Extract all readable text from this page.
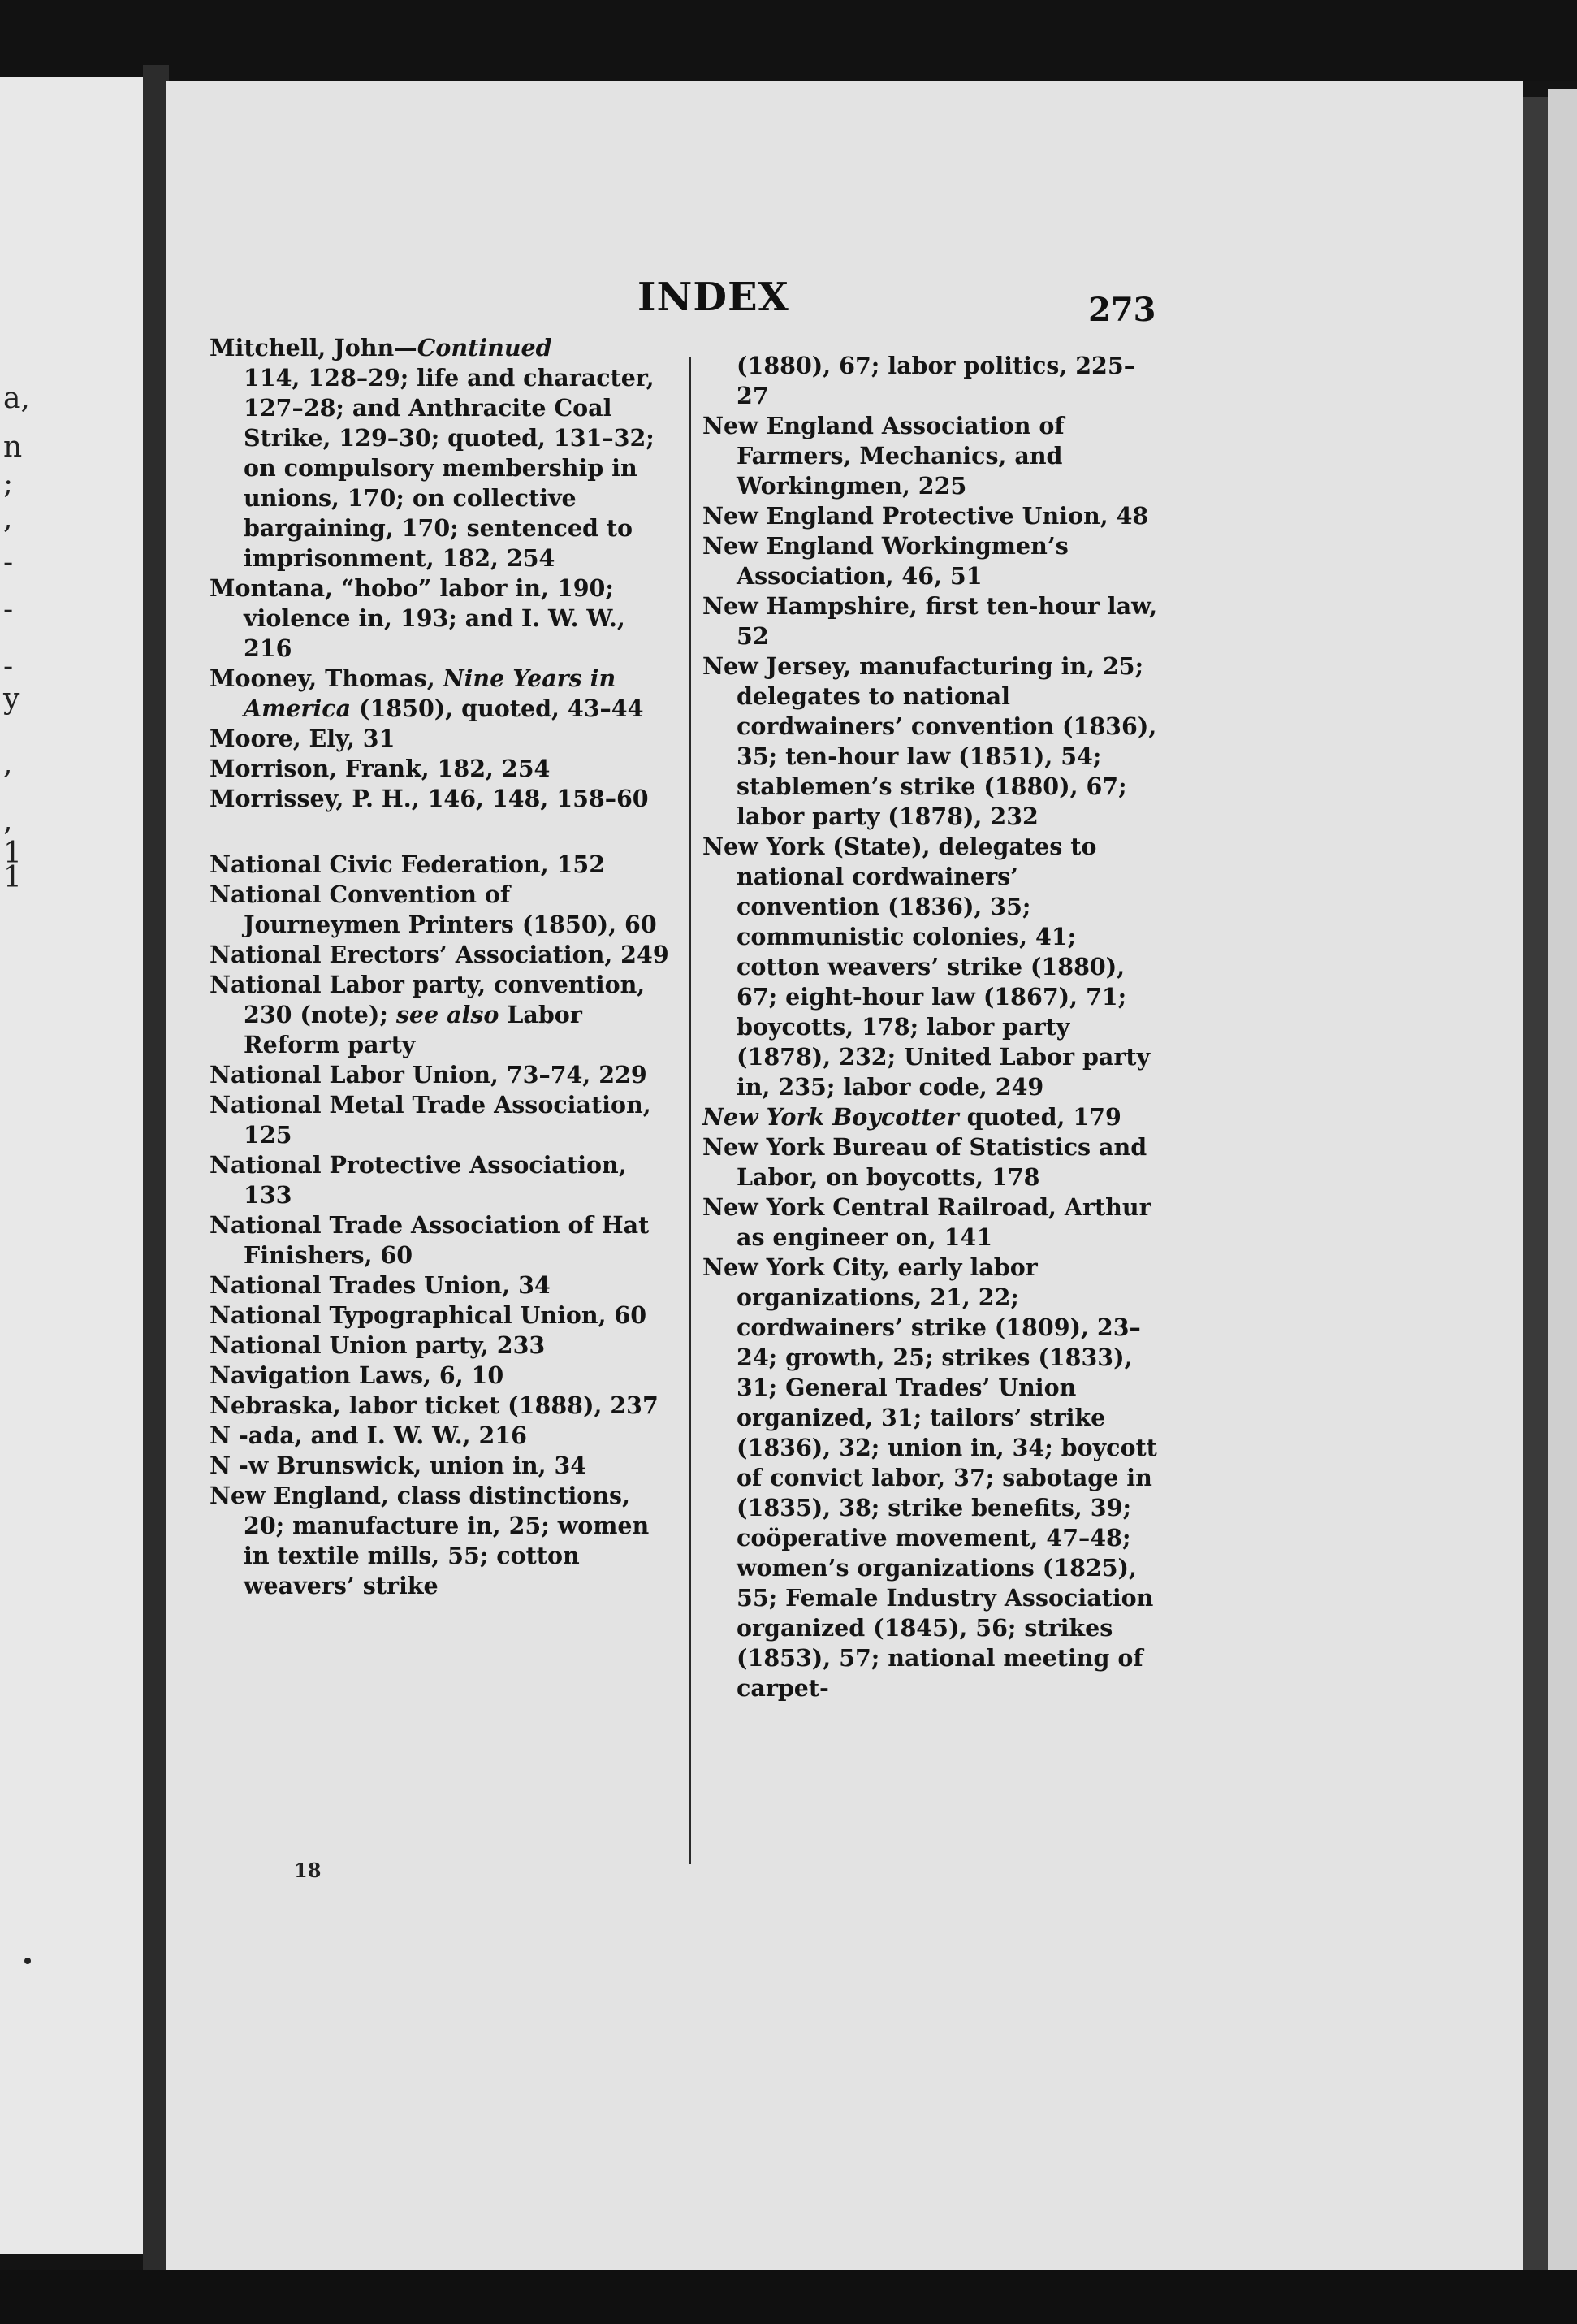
a,
n
;
,
-
-
-
y
,
,
1
1
INDEX	273

Mitchell, John—Continued

114, 128–29; life and character, 127–28; and Anthracite Coal Strike, 129–30; quoted, 131–32; on compulsory membership in unions, 170; on collective bargaining, 170; sentenced to imprisonment, 182, 254

Montana, “hobo” labor in, 190; violence in, 193; and I. W. W., 216

Mooney, Thomas, Nine Years in America (1850), quoted, 43–44

Moore, Ely, 31

Morrison, Frank, 182, 254

Morrissey, P. H., 146, 148, 158–60

National Civic Federation, 152

National Convention of Journeymen Printers (1850), 60

National Erectors’ Association, 249

National Labor party, convention, 230 (note); see also Labor Reform party

National Labor Union, 73–74, 229

National Metal Trade Association, 125

National Protective Association, 133

National Trade Association of Hat Finishers, 60

National Trades Union, 34

National Typographical Union, 60

National Union party, 233

Navigation Laws, 6, 10

Nebraska, labor ticket (1888), 237

N ‑ada, and I. W. W., 216

N ‑w Brunswick, union in, 34

New England, class distinctions, 20; manufacture in, 25; women in textile mills, 55; cotton weavers’ strike

(1880), 67; labor politics, 225–27

New England Association of Farmers, Mechanics, and Workingmen, 225

New England Protective Union, 48

New England Workingmen’s Association, 46, 51

New Hampshire, first ten-hour law, 52

New Jersey, manufacturing in, 25; delegates to national cordwainers’ convention (1836), 35; ten-hour law (1851), 54; stablemen’s strike (1880), 67; labor party (1878), 232

New York (State), delegates to national cordwainers’ convention (1836), 35; communistic colonies, 41; cotton weavers’ strike (1880), 67; eight-hour law (1867), 71; boycotts, 178; labor party (1878), 232; United Labor party in, 235; labor code, 249

New York Boycotter quoted, 179

New York Bureau of Statistics and Labor, on boycotts, 178

New York Central Railroad, Arthur as engineer on, 141

New York City, early labor organizations, 21, 22; cordwainers’ strike (1809), 23–24; growth, 25; strikes (1833), 31; General Trades’ Union organized, 31; tailors’ strike (1836), 32; union in, 34; boycott of convict labor, 37; sabotage in (1835), 38; strike benefits, 39; coöperative movement, 47–48; women’s organizations (1825), 55; Female Industry Association organized (1845), 56; strikes (1853), 57; national meeting of carpet-

18
